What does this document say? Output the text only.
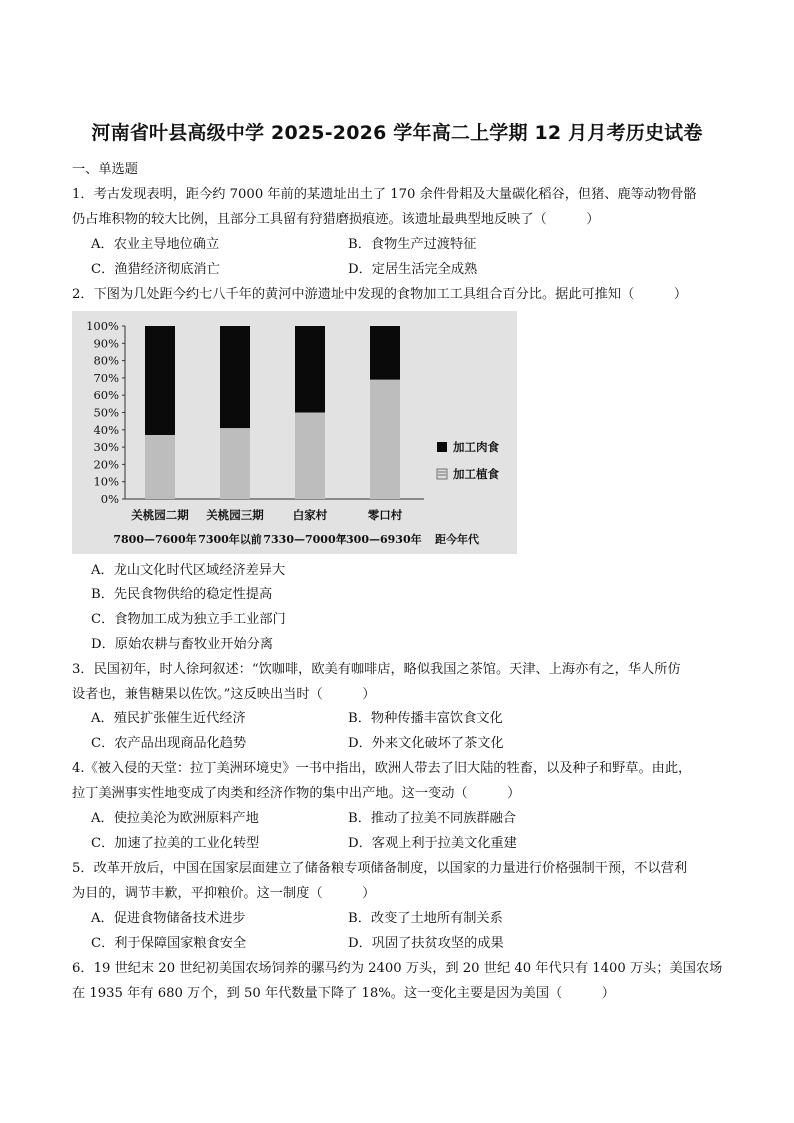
河南省叶县高级中学 2025-2026 学年高二上学期 12 月月考历史试卷
一、单选题
1．考古发现表明，距今约 7000 年前的某遗址出土了 170 余件骨耜及大量碳化稻谷，但猪、鹿等动物骨骼
仍占堆积物的较大比例，且部分工具留有狩猎磨损痕迹。该遗址最典型地反映了（　　　）
A．农业主导地位确立	B．食物生产过渡特征
C．渔猎经济彻底消亡	D．定居生活完全成熟
2．下图为几处距今约七八千年的黄河中游遗址中发现的食物加工工具组合百分比。据此可推知（　　　）
0%
10%
20%
30%
40%
50%
60%
70%
80%
90%
100%
关桃园二期
7800—7600年
关桃园三期
7300年以前
白家村
7330—7000年
零口村
7300—6930年 距今年代
加工肉食
加工植食
A．龙山文化时代区域经济差异大
B．先民食物供给的稳定性提高
C．食物加工成为独立手工业部门
D．原始农耕与畜牧业开始分离
3．民国初年，时人徐珂叙述：“饮咖啡，欧美有咖啡店，略似我国之茶馆。天津、上海亦有之，华人所仿
设者也，兼售糖果以佐饮。”这反映出当时（　　　）
A．殖民扩张催生近代经济	B．物种传播丰富饮食文化
C．农产品出现商品化趋势	D．外来文化破坏了茶文化
4.《被入侵的天堂：拉丁美洲环境史》一书中指出，欧洲人带去了旧大陆的牲畜，以及种子和野草。由此，
拉丁美洲事实性地变成了肉类和经济作物的集中出产地。这一变动（　　　）
A．使拉美沦为欧洲原料产地	B．推动了拉美不同族群融合
C．加速了拉美的工业化转型	D．客观上利于拉美文化重建
5．改革开放后，中国在国家层面建立了储备粮专项储备制度，以国家的力量进行价格强制干预，不以营利
为目的，调节丰歉，平抑粮价。这一制度（　　　）
A．促进食物储备技术进步	B．改变了土地所有制关系
C．利于保障国家粮食安全	D．巩固了扶贫攻坚的成果
6．19 世纪末 20 世纪初美国农场饲养的骡马约为 2400 万头，到 20 世纪 40 年代只有 1400 万头；美国农场
在 1935 年有 680 万个，到 50 年代数量下降了 18%。这一变化主要是因为美国（　　　）
